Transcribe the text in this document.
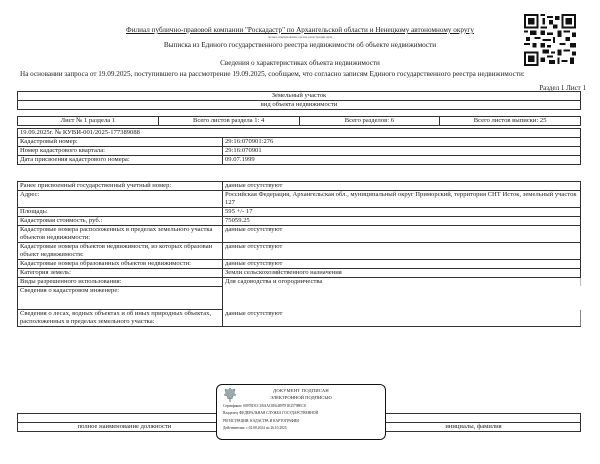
Филиал публично-правовой компании "Роскадастр" по Архангельской области и Ненецкому автономному округу
полное наименование органа регистрации прав
Выписка из Единого государственного реестра недвижимости об объекте недвижимости
Сведения о характеристиках объекта недвижимости
На основании запроса от 19.09.2025, поступившего на рассмотрение 19.09.2025, сообщаем, что согласно записям Единого государственного реестра недвижимости:
Раздел 1 Лист 1
Земельный участок
вид объекта недвижимости
Лист № 1 раздела 1	Всего листов раздела 1: 4	Всего разделов: 6	Всего листов выписки: 25
19.09.2025г. № КУВИ-001/2025-177389088	
Кадастровый номер:	29:16:070901:276
Номер кадастрового квартала:	29:16:070901
Дата присвоения кадастрового номера:	09.07.1999
Ранее присвоенный государственный учетный номер:	данные отсутствуют
Адрес:	Российская Федерация, Архангельская обл., муниципальный округ Приморский, территория СНТ Исток, земельный участок 127
Площадь:	595 +/- 17
Кадастровая стоимость, руб.:	75059.25
Кадастровые номера расположенных в пределах земельного участка объектов недвижимости:	данные отсутствуют
Кадастровые номера объектов недвижимости, из которых образован объект недвижимости:	данные отсутствуют
Кадастровые номера образованных объектов недвижимости:	данные отсутствуют
Категория земель:	Земли сельскохозяйственного назначения
Виды разрешенного использования:	Для садоводства и огородничества
Сведения о кадастровом инженере:	
Сведения о лесах, водных объектах и об иных природных объектах, расположенных в пределах земельного участка:	данные отсутствуют

полное наименование должности		инициалы, фамилия
ДОКУМЕНТ ПОДПИСАН
ЭЛЕКТРОННОЙ ПОДПИСЬЮ
Сертификат: 00970DCC1BAAC0E64897F1E25798EC8
Владелец: ФЕДЕРАЛЬНАЯ СЛУЖБА ГОСУДАРСТВЕННОЙ
РЕГИСТРАЦИИ, КАДАСТРА И КАРТОГРАФИИ
Действителен: с 02.08.2024 по 26.10.2025
